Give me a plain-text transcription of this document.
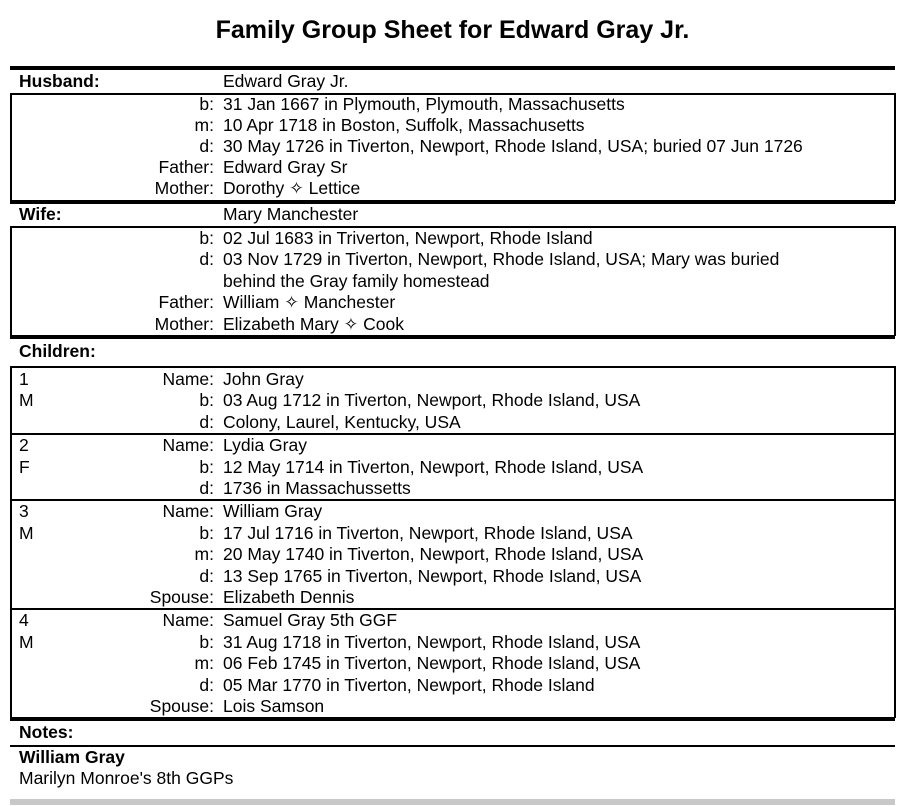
Family Group Sheet for Edward Gray Jr.
Husband:	Edward Gray Jr.
b: 31 Jan 1667 in Plymouth, Plymouth, Massachusetts
m: 10 Apr 1718 in Boston, Suffolk, Massachusetts
d: 30 May 1726 in Tiverton, Newport, Rhode Island, USA; buried 07 Jun 1726
Father: Edward Gray Sr
Mother: Dorothy ✧ Lettice
Wife:	Mary Manchester
b: 02 Jul 1683 in Triverton, Newport, Rhode Island
d: 03 Nov 1729 in Tiverton, Newport, Rhode Island, USA; Mary was buried
behind the Gray family homestead
Father: William ✧ Manchester
Mother: Elizabeth Mary ✧ Cook
Children:
1	Name: John Gray
M	b: 03 Aug 1712 in Tiverton, Newport, Rhode Island, USA
d: Colony, Laurel, Kentucky, USA
2	Name: Lydia Gray
F	b: 12 May 1714 in Tiverton, Newport, Rhode Island, USA
d: 1736 in Massachussetts
3	Name: William Gray
M	b: 17 Jul 1716 in Tiverton, Newport, Rhode Island, USA
m: 20 May 1740 in Tiverton, Newport, Rhode Island, USA
d: 13 Sep 1765 in Tiverton, Newport, Rhode Island, USA
Spouse: Elizabeth Dennis
4	Name: Samuel Gray 5th GGF
M	b: 31 Aug 1718 in Tiverton, Newport, Rhode Island, USA
m: 06 Feb 1745 in Tiverton, Newport, Rhode Island, USA
d: 05 Mar 1770 in Tiverton, Newport, Rhode Island
Spouse: Lois Samson
Notes:
William Gray
Marilyn Monroe's 8th GGPs
